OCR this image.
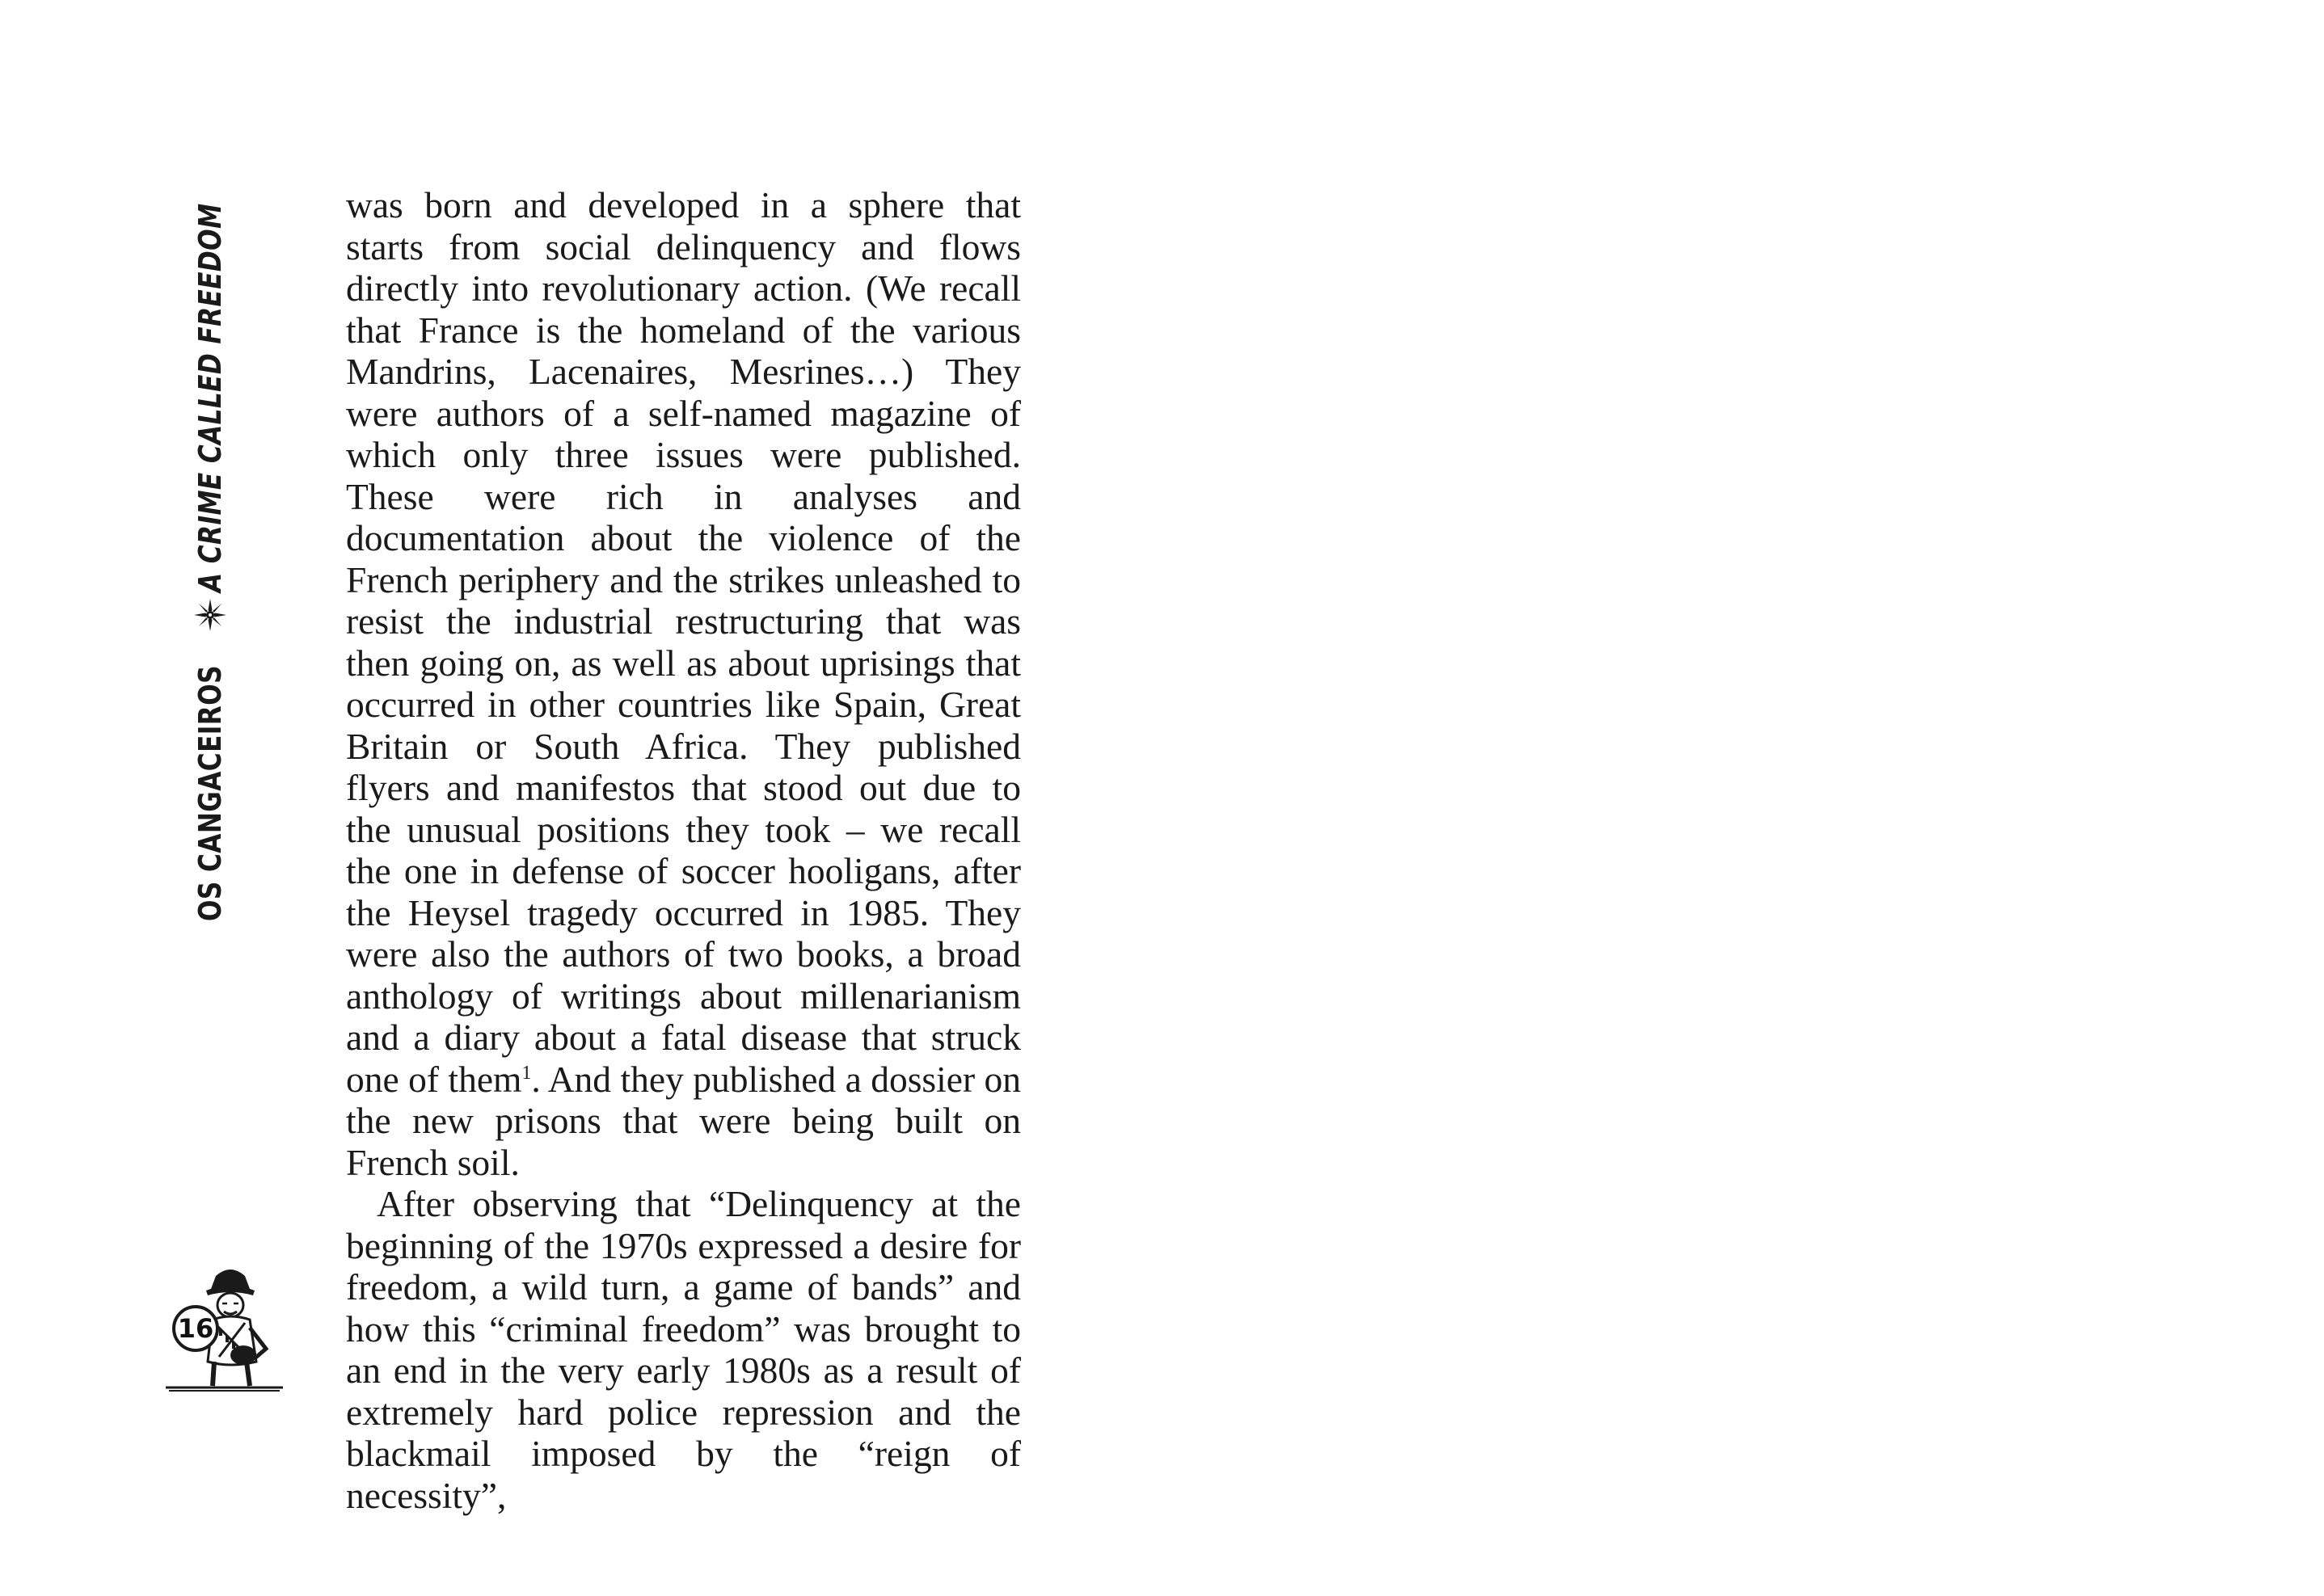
OS CANGACEIROS
A CRIME CALLED FREEDOM	was born and developed in a sphere that starts from social delinquency and flows directly into revolutionary action. (We recall that France is the homeland of the various Mandrins, Lacenaires, Mesrines…) They were authors of a self-named magazine of which only three issues were published. These were rich in analyses and documentation about the violence of the French periphery and the strikes unleashed to resist the industrial restructuring that was then going on, as well as about uprisings that occurred in other countries like Spain, Great Britain or South Africa. They published flyers and manifestos that stood out due to the unusual positions they took – we recall the one in defense of soccer hooligans, after the Heysel tragedy occurred in 1985. They were also the authors of two books, a broad anthology of writings about millenarianism and a diary about a fatal disease that struck one of them$^1$. And they published a dossier on the new prisons that were being built on French soil.

After observing that “Delinquency at the beginning of the 1970s expressed a desire for freedom, a wild turn, a game of bands” and how this “criminal freedom” was brought to an end in the very early 1980s as a result of extremely hard police repression and the blackmail imposed by the “reign of necessity”,

16
